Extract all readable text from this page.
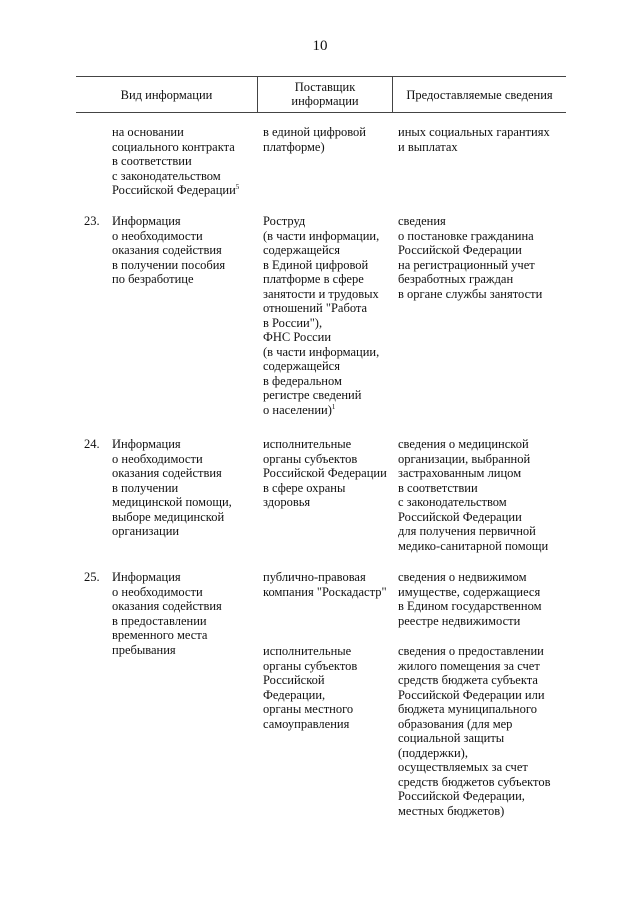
10
Вид информации
Поставщик
информации	Предоставляемые сведения
на основании
социального контракта
в соответствии
с законодательством
Российской Федерации$^5$
в единой цифровой
платформе)
иных социальных гарантиях
и выплатах
23. Информация
о необходимости
оказания содействия
в получении пособия
по безработице
Роструд
(в части информации,
содержащейся
в Единой цифровой
платформе в сфере
занятости и трудовых
отношений "Работа
в России"),
ФНС России
(в части информации,
содержащейся
в федеральном
регистре сведений
о населении)$^1$
сведения
о постановке гражданина
Российской Федерации
на регистрационный учет
безработных граждан
в органе службы занятости
24. Информация
о необходимости
оказания содействия
в получении
медицинской помощи,
выборе медицинской
организации
исполнительные
органы субъектов
Российской Федерации
в сфере охраны
здоровья
сведения о медицинской
организации, выбранной
застрахованным лицом
в соответствии
с законодательством
Российской Федерации
для получения первичной
медико-санитарной помощи
25. Информация
о необходимости
оказания содействия
в предоставлении
временного места
пребывания
публично-правовая
компания "Роскадастр"
сведения о недвижимом
имуществе, содержащиеся
в Едином государственном
реестре недвижимости
исполнительные
органы субъектов
Российской
Федерации,
органы местного
самоуправления
сведения о предоставлении
жилого помещения за счет
средств бюджета субъекта
Российской Федерации или
бюджета муниципального
образования (для мер
социальной защиты
(поддержки),
осуществляемых за счет
средств бюджетов субъектов
Российской Федерации,
местных бюджетов)
